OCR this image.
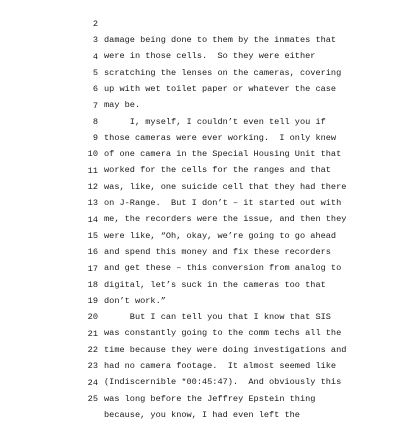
2

damage being done to them by the inmates that

3

were in those cells.  So they were either

4

scratching the lenses on the cameras, covering

5

up with wet toilet paper or whatever the case

6

may be.

7

I, myself, I couldn’t even tell you if

8

those cameras were ever working.  I only knew

9

of one camera in the Special Housing Unit that

10

worked for the cells for the ranges and that

11

was, like, one suicide cell that they had there

12

on J-Range.  But I don’t – it started out with

13

me, the recorders were the issue, and then they

14

were like, “Oh, okay, we’re going to go ahead

15

and spend this money and fix these recorders

16

and get these – this conversion from analog to

17

digital, let’s suck in the cameras too that

18

don’t work.”

19

But I can tell you that I know that SIS

20

was constantly going to the comm techs all the

21

time because they were doing investigations and

22

had no camera footage.  It almost seemed like

23

(Indiscernible *00:45:47).  And obviously this

24

was long before the Jeffrey Epstein thing

25

because, you know, I had even left the
